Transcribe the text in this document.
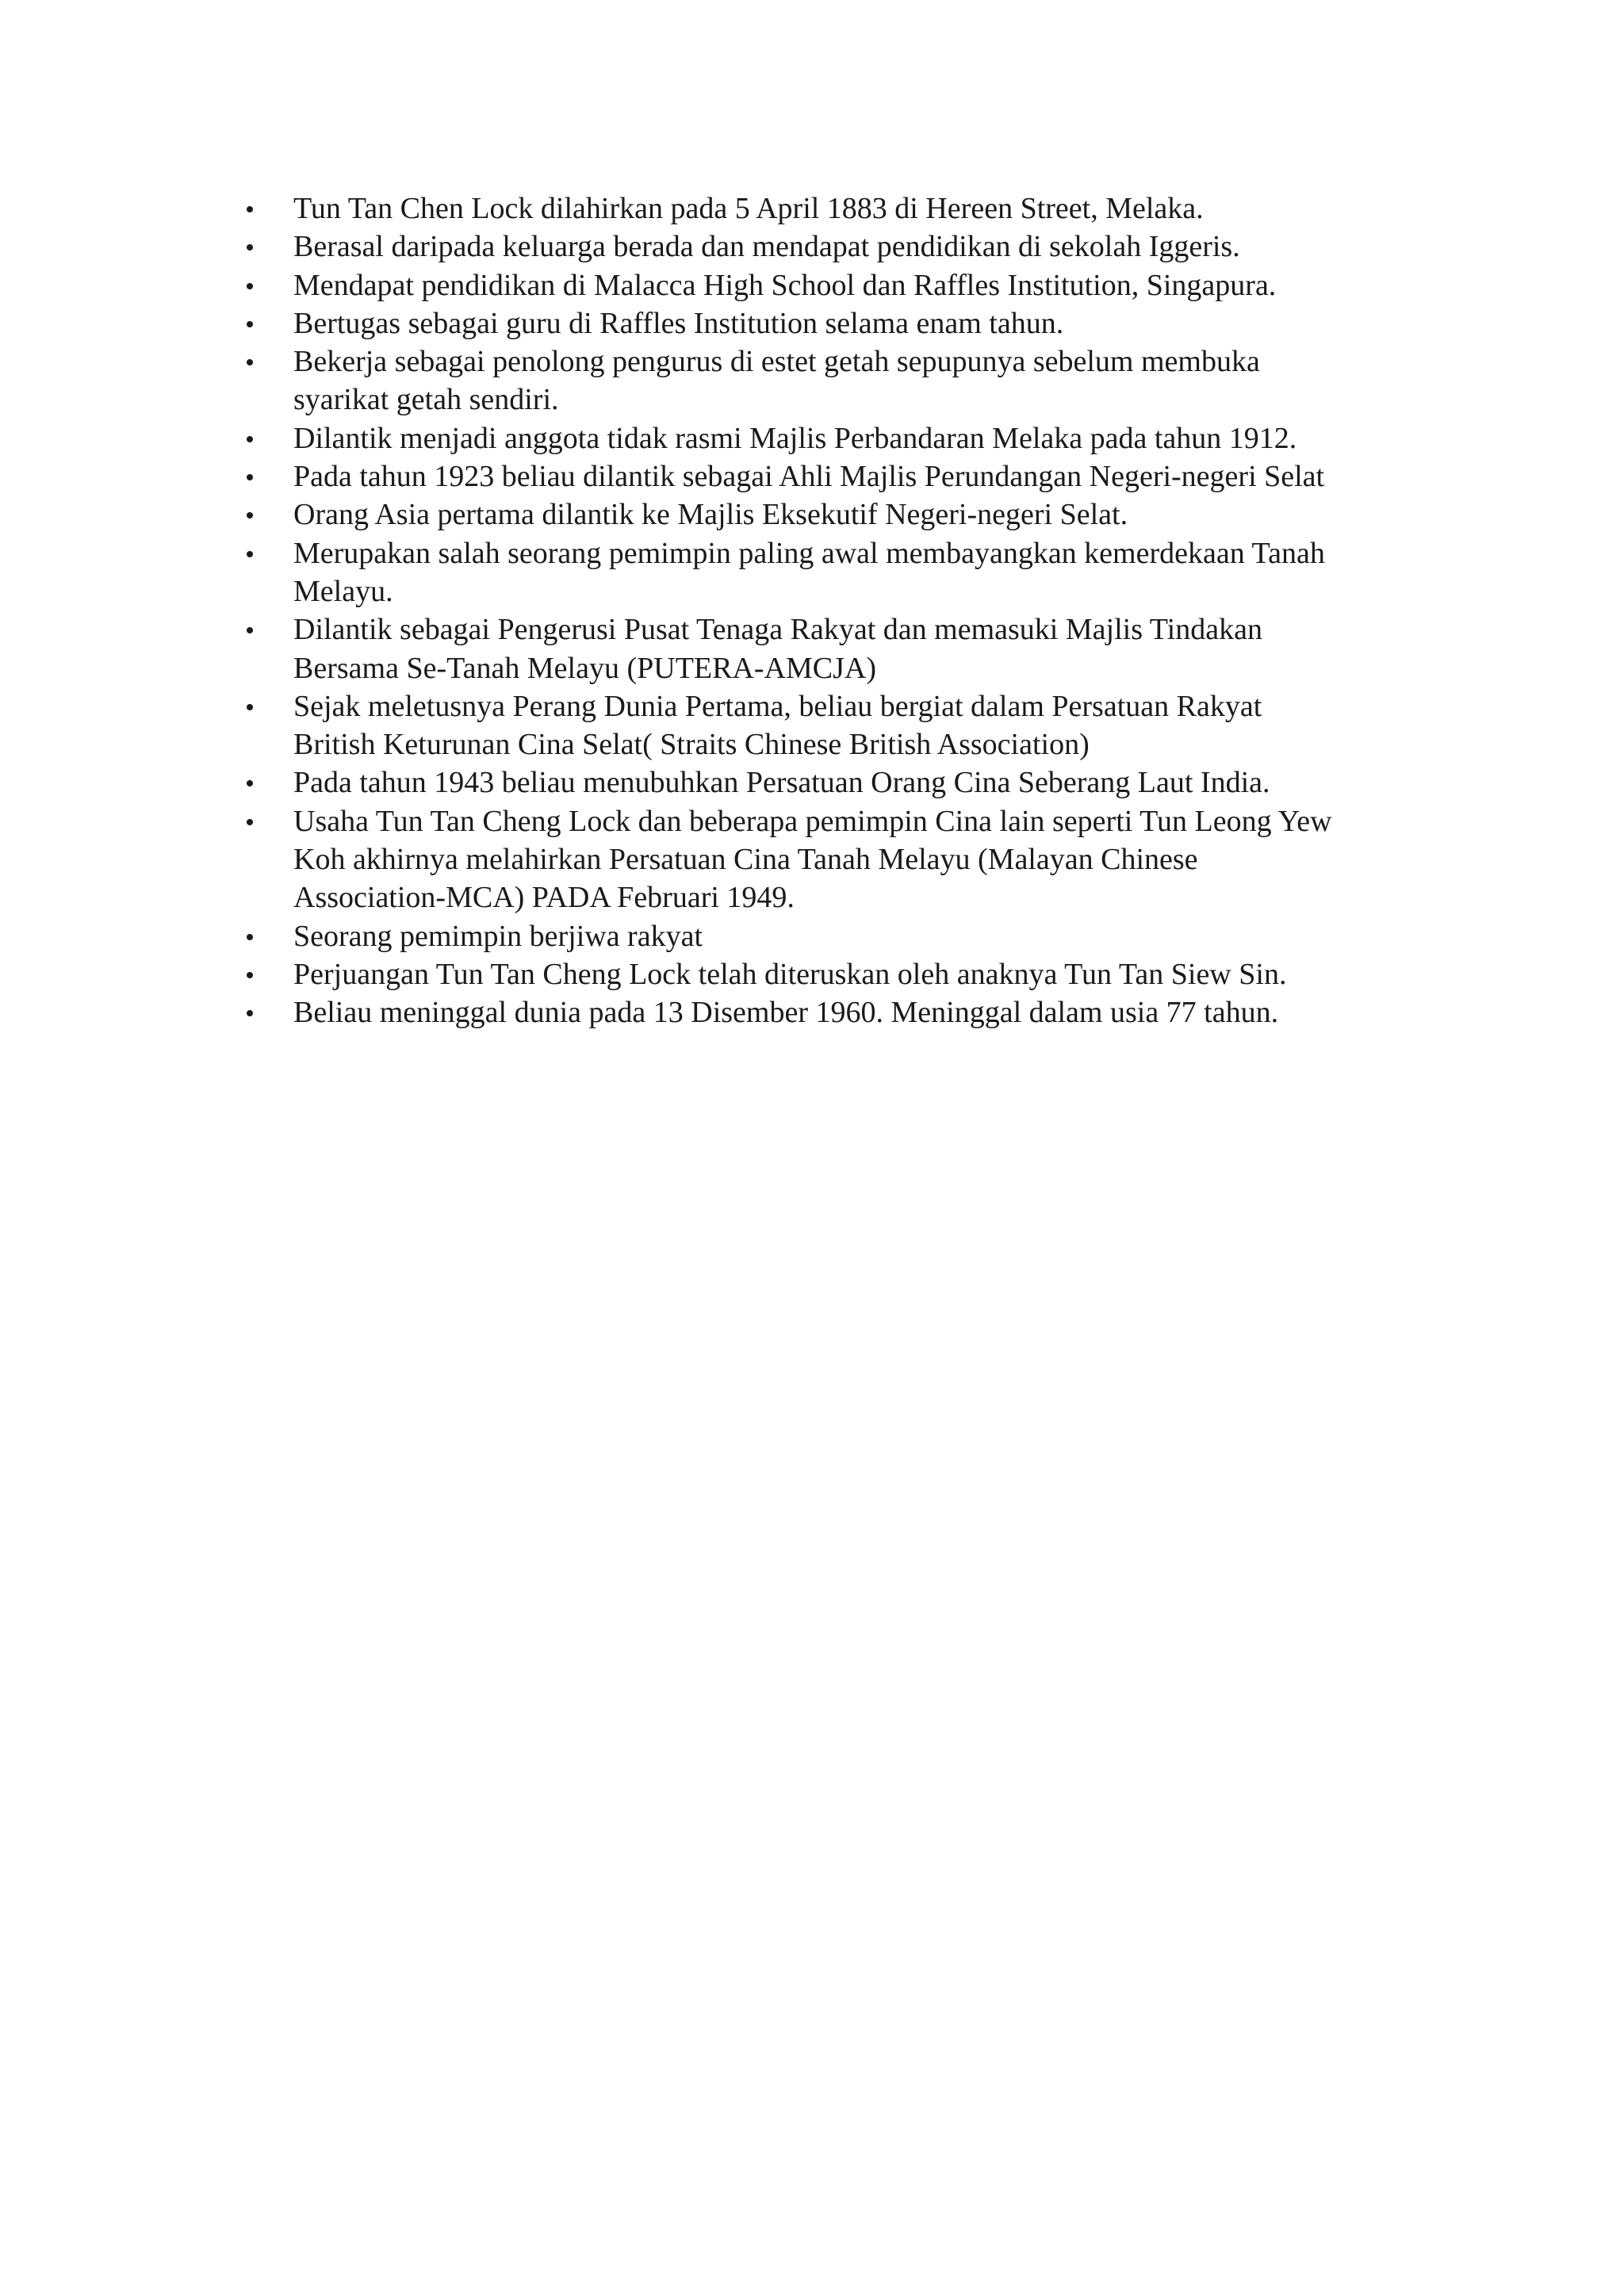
Tun Tan Chen Lock dilahirkan pada 5 April 1883 di Hereen Street, Melaka.
Berasal daripada keluarga berada dan mendapat pendidikan di sekolah Iggeris.
Mendapat pendidikan di Malacca High School dan Raffles Institution, Singapura.
Bertugas sebagai guru di Raffles Institution selama enam tahun.
Bekerja sebagai penolong pengurus di estet getah sepupunya sebelum membuka
syarikat getah sendiri.
Dilantik menjadi anggota tidak rasmi Majlis Perbandaran Melaka pada tahun 1912.
Pada tahun 1923 beliau dilantik sebagai Ahli Majlis Perundangan Negeri-negeri Selat
Orang Asia pertama dilantik ke Majlis Eksekutif Negeri-negeri Selat.
Merupakan salah seorang pemimpin paling awal membayangkan kemerdekaan Tanah
Melayu.
Dilantik sebagai Pengerusi Pusat Tenaga Rakyat dan memasuki Majlis Tindakan
Bersama Se-Tanah Melayu (PUTERA-AMCJA)
Sejak meletusnya Perang Dunia Pertama, beliau bergiat dalam Persatuan Rakyat
British Keturunan Cina Selat( Straits Chinese British Association)
Pada tahun 1943 beliau menubuhkan Persatuan Orang Cina Seberang Laut India.
Usaha Tun Tan Cheng Lock dan beberapa pemimpin Cina lain seperti Tun Leong Yew
Koh akhirnya melahirkan Persatuan Cina Tanah Melayu (Malayan Chinese
Association-MCA) PADA Februari 1949.
Seorang pemimpin berjiwa rakyat
Perjuangan Tun Tan Cheng Lock telah diteruskan oleh anaknya Tun Tan Siew Sin.
Beliau meninggal dunia pada 13 Disember 1960. Meninggal dalam usia 77 tahun.
